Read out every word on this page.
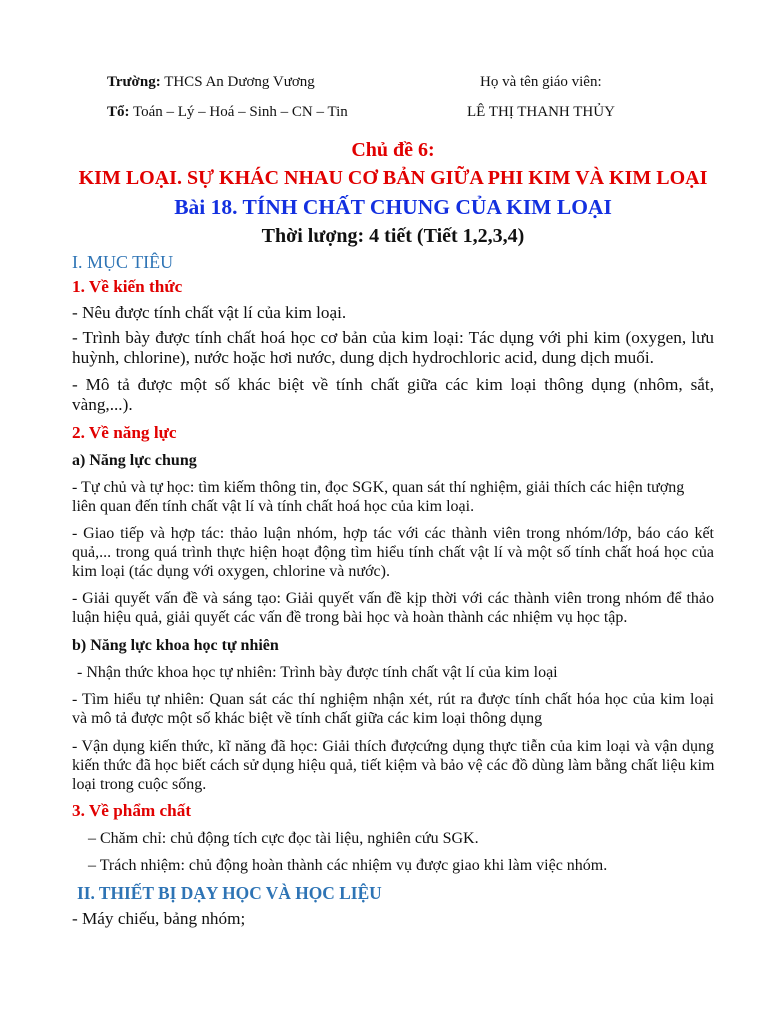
Trường: THCS An Dương Vương	Họ và tên giáo viên:
Tổ: Toán – Lý – Hoá – Sinh – CN – Tin	LÊ THỊ THANH THỦY
Chủ đề 6:
KIM LOẠI. SỰ KHÁC NHAU CƠ BẢN GIỮA PHI KIM VÀ KIM LOẠI
Bài 18. TÍNH CHẤT CHUNG CỦA KIM LOẠI
Thời lượng: 4 tiết (Tiết 1,2,3,4)
I. MỤC TIÊU
1. Về kiến thức
- Nêu được tính chất vật lí của kim loại.
- Trình bày được tính chất hoá học cơ bản của kim loại: Tác dụng với phi kim (oxygen, lưu
huỳnh, chlorine), nước hoặc hơi nước, dung dịch hydrochloric acid, dung dịch muối.
- Mô tả được một số khác biệt về tính chất giữa các kim loại thông dụng (nhôm, sắt,
vàng,...).
2. Về năng lực
a) Năng lực chung
- Tự chủ và tự học: tìm kiếm thông tin, đọc SGK, quan sát thí nghiệm, giải thích các hiện tượng
liên quan đến tính chất vật lí và tính chất hoá học của kim loại.
- Giao tiếp và hợp tác: thảo luận nhóm, hợp tác với các thành viên trong nhóm/lớp, báo cáo kết
quả,... trong quá trình thực hiện hoạt động tìm hiểu tính chất vật lí và một số tính chất hoá học của
kim loại (tác dụng với oxygen, chlorine và nước).
- Giải quyết vấn đề và sáng tạo: Giải quyết vấn đề kịp thời với các thành viên trong nhóm để thảo
luận hiệu quả, giải quyết các vấn đề trong bài học và hoàn thành các nhiệm vụ học tập.
b) Năng lực khoa học tự nhiên
- Nhận thức khoa học tự nhiên: Trình bày được tính chất vật lí của kim loại
- Tìm hiểu tự nhiên: Quan sát các thí nghiệm nhận xét, rút ra được tính chất hóa học của kim loại
và mô tả được một số khác biệt về tính chất giữa các kim loại thông dụng
- Vận dụng kiến thức, kĩ năng đã học: Giải thích đượcứng dụng thực tiễn của kim loại và vận dụng
kiến thức đã học biết cách sử dụng hiệu quả, tiết kiệm và bảo vệ các đồ dùng làm bằng chất liệu kim
loại trong cuộc sống.
3. Về phẩm chất
– Chăm chỉ: chủ động tích cực đọc tài liệu, nghiên cứu SGK.
– Trách nhiệm: chủ động hoàn thành các nhiệm vụ được giao khi làm việc nhóm.
II. THIẾT BỊ DẠY HỌC VÀ HỌC LIỆU
- Máy chiếu, bảng nhóm;
